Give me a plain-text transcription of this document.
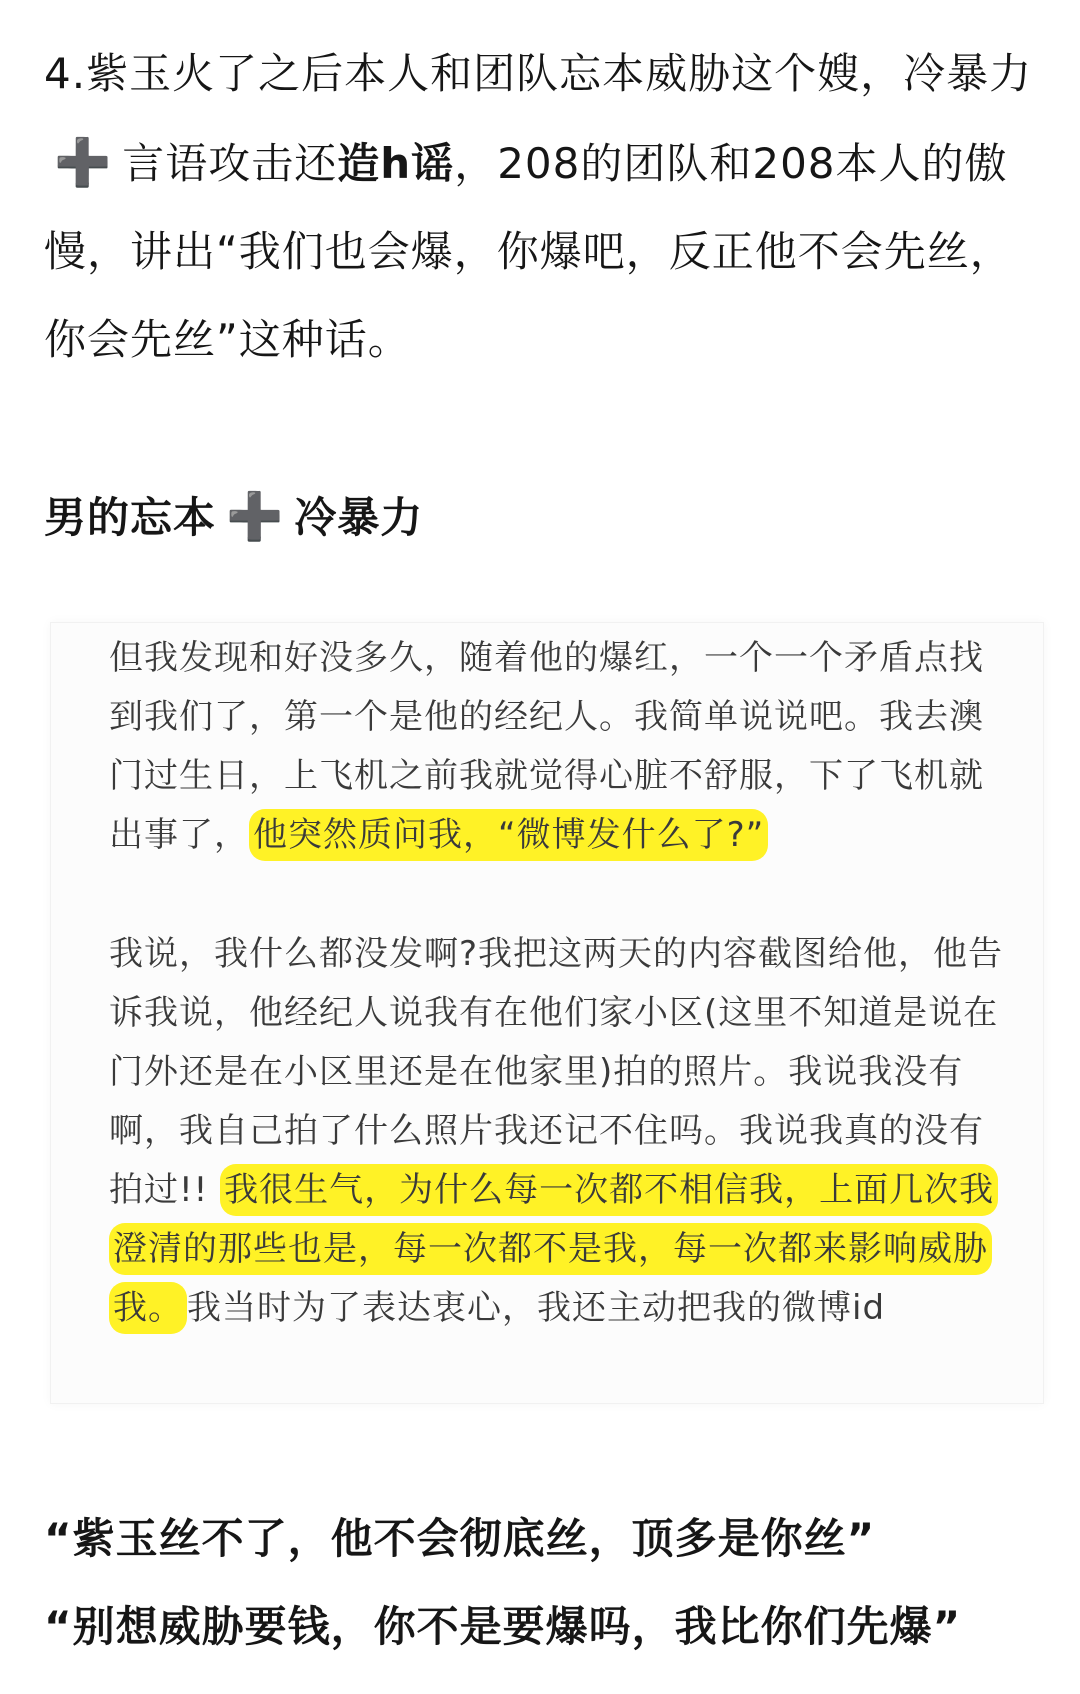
4.紫玉火了之后本人和团队忘本威胁这个嫂，冷暴力➕ 言语攻击还造h谣，208的团队和208本人的傲慢，讲出“我们也会爆，你爆吧，反正他不会先丝，你会先丝”这种话。

男的忘本 ➕ 冷暴力

但我发现和好没多久，随着他的爆红，一个一个矛盾点找到我们了，第一个是他的经纪人。我简单说说吧。我去澳门过生日，上飞机之前我就觉得心脏不舒服，下了飞机就出事了， 他突然质问我，“微博发什么了?”

我说，我什么都没发啊?我把这两天的内容截图给他，他告诉我说，他经纪人说我有在他们家小区(这里不知道是说在门外还是在小区里还是在他家里)拍的照片。我说我没有啊，我自己拍了什么照片我还记不住吗。我说我真的没有拍过!! 我很生气，为什么每一次都不相信我，上面几次我澄清的那些也是，每一次都不是我，每一次都来影响威胁我。 我当时为了表达衷心，我还主动把我的微博id

“紫玉丝不了，他不会彻底丝，顶多是你丝”

“别想威胁要钱，你不是要爆吗，我比你们先爆”
